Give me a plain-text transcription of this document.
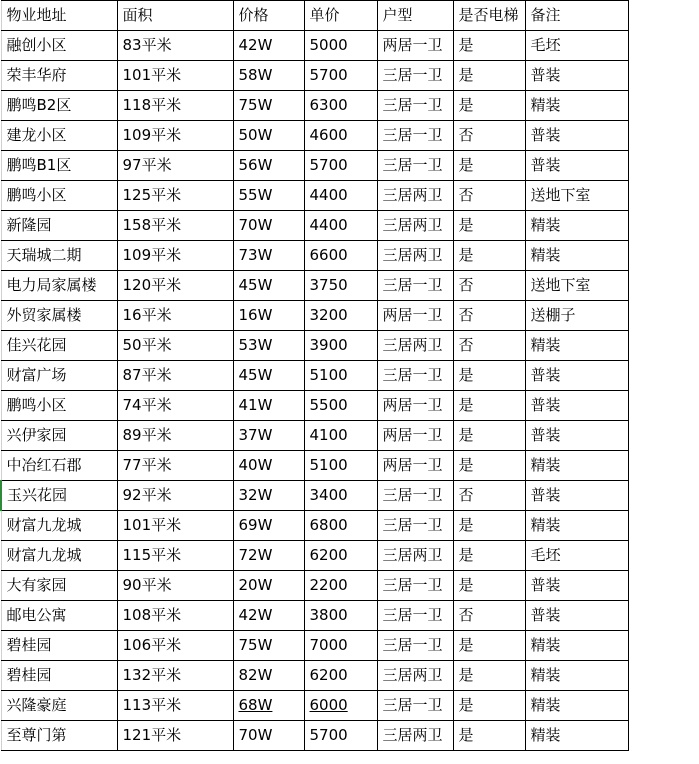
物业地址	面积	价格	单价	户型	是否电梯	备注
融创小区	83平米	42W	5000	两居一卫	是	毛坯
荣丰华府	101平米	58W	5700	三居一卫	是	普装
鹏鸣B2区	118平米	75W	6300	三居一卫	是	精装
建龙小区	109平米	50W	4600	三居一卫	否	普装
鹏鸣B1区	97平米	56W	5700	三居一卫	是	普装
鹏鸣小区	125平米	55W	4400	三居两卫	否	送地下室
新隆园	158平米	70W	4400	三居两卫	是	精装
天瑞城二期	109平米	73W	6600	三居两卫	是	精装
电力局家属楼	120平米	45W	3750	三居一卫	否	送地下室
外贸家属楼	16平米	16W	3200	两居一卫	否	送棚子
佳兴花园	50平米	53W	3900	三居两卫	否	精装
财富广场	87平米	45W	5100	三居一卫	是	普装
鹏鸣小区	74平米	41W	5500	两居一卫	是	普装
兴伊家园	89平米	37W	4100	两居一卫	是	普装
中冶红石郡	77平米	40W	5100	两居一卫	是	精装
玉兴花园	92平米	32W	3400	三居一卫	否	普装
财富九龙城	101平米	69W	6800	三居一卫	是	精装
财富九龙城	115平米	72W	6200	三居两卫	是	毛坯
大有家园	90平米	20W	2200	三居一卫	是	普装
邮电公寓	108平米	42W	3800	三居一卫	否	普装
碧桂园	106平米	75W	7000	三居一卫	是	精装
碧桂园	132平米	82W	6200	三居两卫	是	精装
兴隆豪庭	113平米	68W	6000	三居一卫	是	精装
至尊门第	121平米	70W	5700	三居两卫	是	精装
